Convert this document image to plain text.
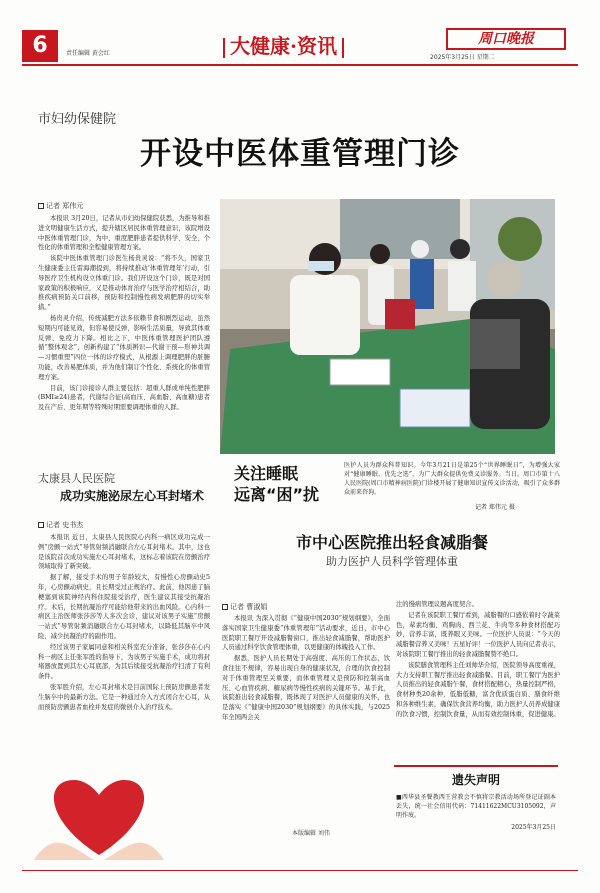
6	责任编辑 黄会红	大健康·资讯	周口晚报
2025年3月25日 星期二
市妇幼保健院
开设中医体重管理门诊
记者 郑伟元

本报讯 3月20日，记者从市妇幼保健院获悉，为推导和推进文明健康生活方式，提升辖区居民体重管理意识，该院增设中医体重管理门诊，为中、重度肥胖患者提供科学、安全、个性化的体重管理和全程健康管理方案。

该院中医体重管理门诊医生杨贵灵说：“将不久，国家卫生健康委主任雷海潮提到，将持续推动‘体重管理年’行动，引导医疗卫生机构设立体重门诊。我们开设这个门诊，既是对国家政策的积极响应，又是推动体育治疗与医学治疗相结合，助推疾病预防关口前移，预防和控制慢性病发病肥胖的切实举措。”

杨贵灵介绍，传统减肥方法多依赖节食和剧烈运动，虽然短期内可能见效，但容易使反弹，影响生活质量，导致其体重反弹、免疫力下降。相比之下，中医体重管理医护团队遵循“整体观念”，创新构建了“体质辨识—代谢干预—形神共调—习惯重塑”四位一体的诊疗模式，从根源上调理肥胖的脏腑功能，改善易肥体质，并为他们制订个性化、系统化的体重管理方案。

目前，该门诊接诊人群主要包括：超重人群或单纯性肥胖(BMI≥24)患者，代谢综合征(高血压、高血脂、高血糖)患者及在产后、更年期等特殊时期需要调理体重的人群。

关注睡眠
远离“困”扰
医护人员为群众科普知识。今年3月21日是第25个“世界睡眠日”，为增强大家对“健康睡眠，优先之选”，为广大群众提供免费义诊服务。当日，周口市第十八人民医院(周口市精神病医院)门诊楼开展了健康知识宣传义诊活动，吸引了众多群众前来咨询。
记者 郑伟元 摄
太康县人民医院
成功实施泌尿左心耳封堵术
记者 史书杰

本报讯 近日，太康县人民医院心内科一病区成功完成一例“房颤一站式”导管射频消融联合左心耳封堵术。其中，这也是该院首次成功实施左心耳封堵术，这标志着该院在房颤治疗领域取得了新突破。

据了解，接受手术的男子年龄较大，有慢性心房颤动史5年，心房颤动病史，且长期受过正规治疗。此前，他因患了脑梗塞到该院神经内科住院接受治疗，医生建议其接受抗凝治疗。术后，长期抗凝治疗可能给他带来的出血风险。心内科一病区主治医师张莎莎等人多次会诊，建议对该男子实施“房颤一站式”导管射频消融联合左心耳封堵术，以降低其脑卒中风险，减少抗凝治疗的副作用。

经过该男子家属同意和相关科室充分准备，张莎莎在心内科一病区主任张军胜的指导下，为该男子实施手术，成功将封堵器放置到其左心耳底部，为其后续接受抗凝治疗扫清了有利条件。

张军胜介绍，左心耳封堵术是目前国际上预防房颤患者发生脑卒中的最新方法。它是一种通过介入方式闭合左心耳，从而预防房颤患者血栓并发症的微创介入治疗技术。

市中心医院推出轻食减脂餐
助力医护人员科学管理体重
记者 曹淑娟

本报讯 为深入贯彻《“健康中国2030”规划纲要》，全面落实国家卫生健康委“体重管理年”活动要求，近日，市中心医院职工餐厅开设减脂餐窗口，推出轻食减脂餐，帮助医护人员通过科学饮食管理体重，以更健康的体魄投入工作。

据悉，医护人员长期处于高强度、高压的工作状态，饮食往往不规律，容易出现自身的健康状况，合理的饮食控制对于体重管理至关重要，而体重管理又是预防和控制高血压、心血管疾病、糖尿病等慢性疾病的关键环节。基于此，该院推出轻食减脂餐，既体现了对医护人员健康的关怀，也是落实《“健康中国2030”规划纲要》的具体实践，与2025年全国两会关

注的慢病管理议题高度契合。

记者在该院职工餐厅看到，减脂餐的口感依着时令蔬菜色，荤素均衡、鸡胸肉、西兰花、牛肉等多种食材搭配巧妙，营养丰富，既养眼又美味。一位医护人员说：“今天的减脂餐营养又美味！五星好评！一位医护人员向记者表示，对该院职工餐厅推出的轻食减脂餐赞不绝口。

该院膳食管理科主任刘帅华介绍，医院领导高度重视，大力支持职工餐厅推出轻食减脂餐。目前，职工餐厅为医护人员推出的轻食减脂午餐，食材搭配精心，热量控制严格，食材种类20余种，低脂低糖，富含优质蛋白质、膳食纤维和各种维生素，确保饮食营养均衡，助力医护人员养成健康的饮食习惯，控制饮食量，从而有效控制体重，促进健康。

遗失声明

■西华县圣餐教西王营教会不慎将宗教活动场所登记证副本丢失，统一社会信用代码：71411622MCU3105092，声明作废。

2025年3月25日
本版编辑 刘伟
